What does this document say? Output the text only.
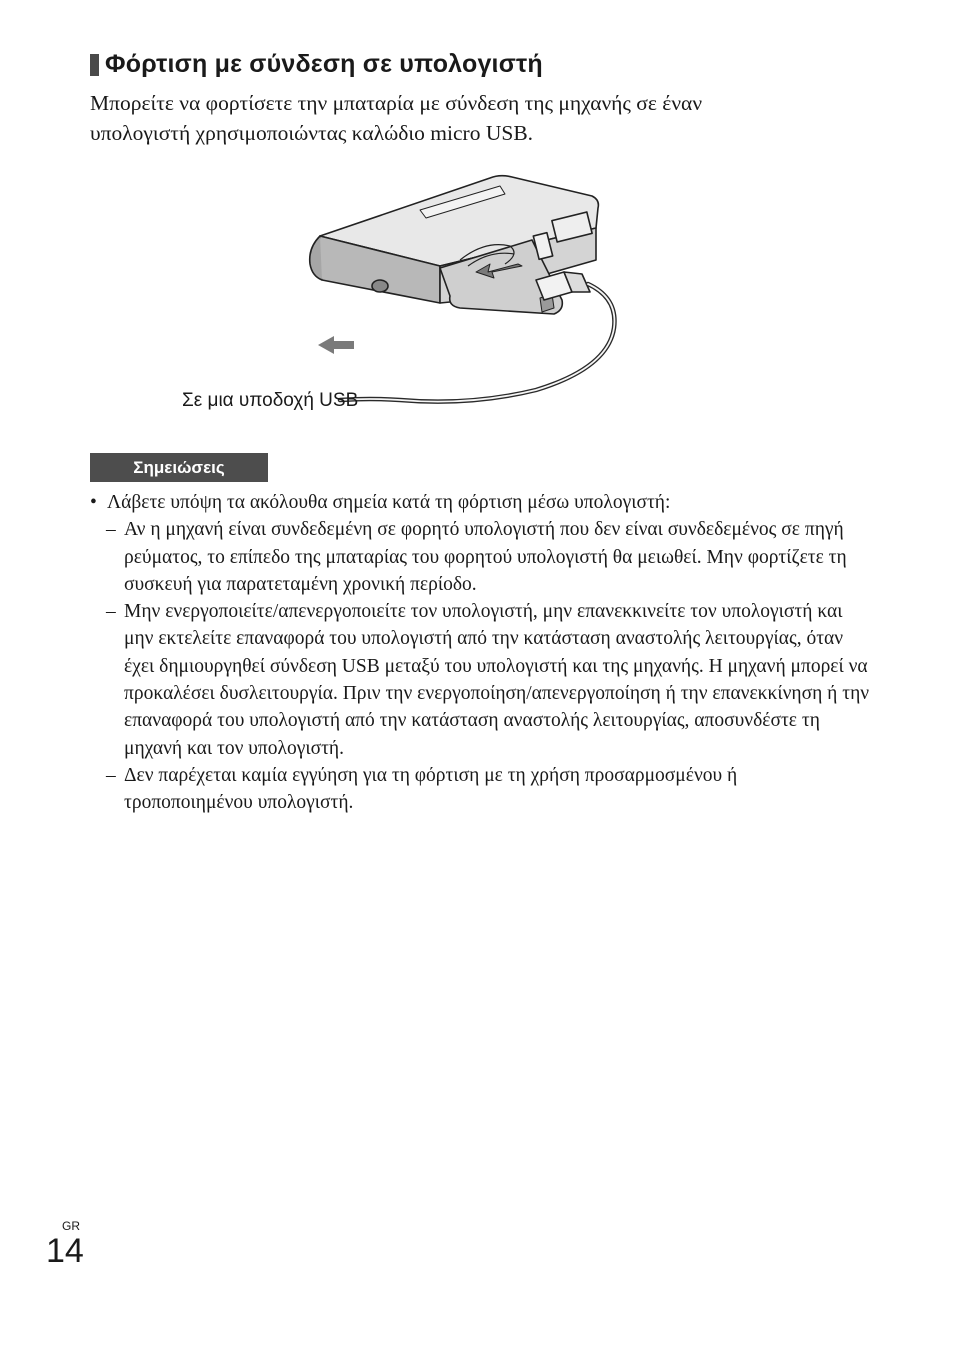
Φόρτιση με σύνδεση σε υπολογιστή

Μπορείτε να φορτίσετε την μπαταρία με σύνδεση της μηχανής σε έναν

υπολογιστή χρησιμοποιώντας καλώδιο micro USB.

Σε μια υποδοχή USB
Σημειώσεις
• Λάβετε υπόψη τα ακόλουθα σημεία κατά τη φόρτιση μέσω υπολογιστή:
– Αν η μηχανή είναι συνδεδεμένη σε φορητό υπολογιστή που δεν είναι συνδεδεμένος σε πηγή ρεύματος, το επίπεδο της μπαταρίας του φορητού υπολογιστή θα μειωθεί. Μην φορτίζετε τη συσκευή για παρατεταμένη χρονική περίοδο.
– Μην ενεργοποιείτε/απενεργοποιείτε τον υπολογιστή, μην επανεκκινείτε τον υπολογιστή και μην εκτελείτε επαναφορά του υπολογιστή από την κατάσταση αναστολής λειτουργίας, όταν έχει δημιουργηθεί σύνδεση USB μεταξύ του υπολογιστή και της μηχανής. Η μηχανή μπορεί να προκαλέσει δυσλειτουργία. Πριν την ενεργοποίηση/απενεργοποίηση ή την επανεκκίνηση ή την επαναφορά του υπολογιστή από την κατάσταση αναστολής λειτουργίας, αποσυνδέστε τη μηχανή και τον υπολογιστή.
– Δεν παρέχεται καμία εγγύηση για τη φόρτιση με τη χρήση προσαρμοσμένου ή τροποποιημένου υπολογιστή.
GR
14
